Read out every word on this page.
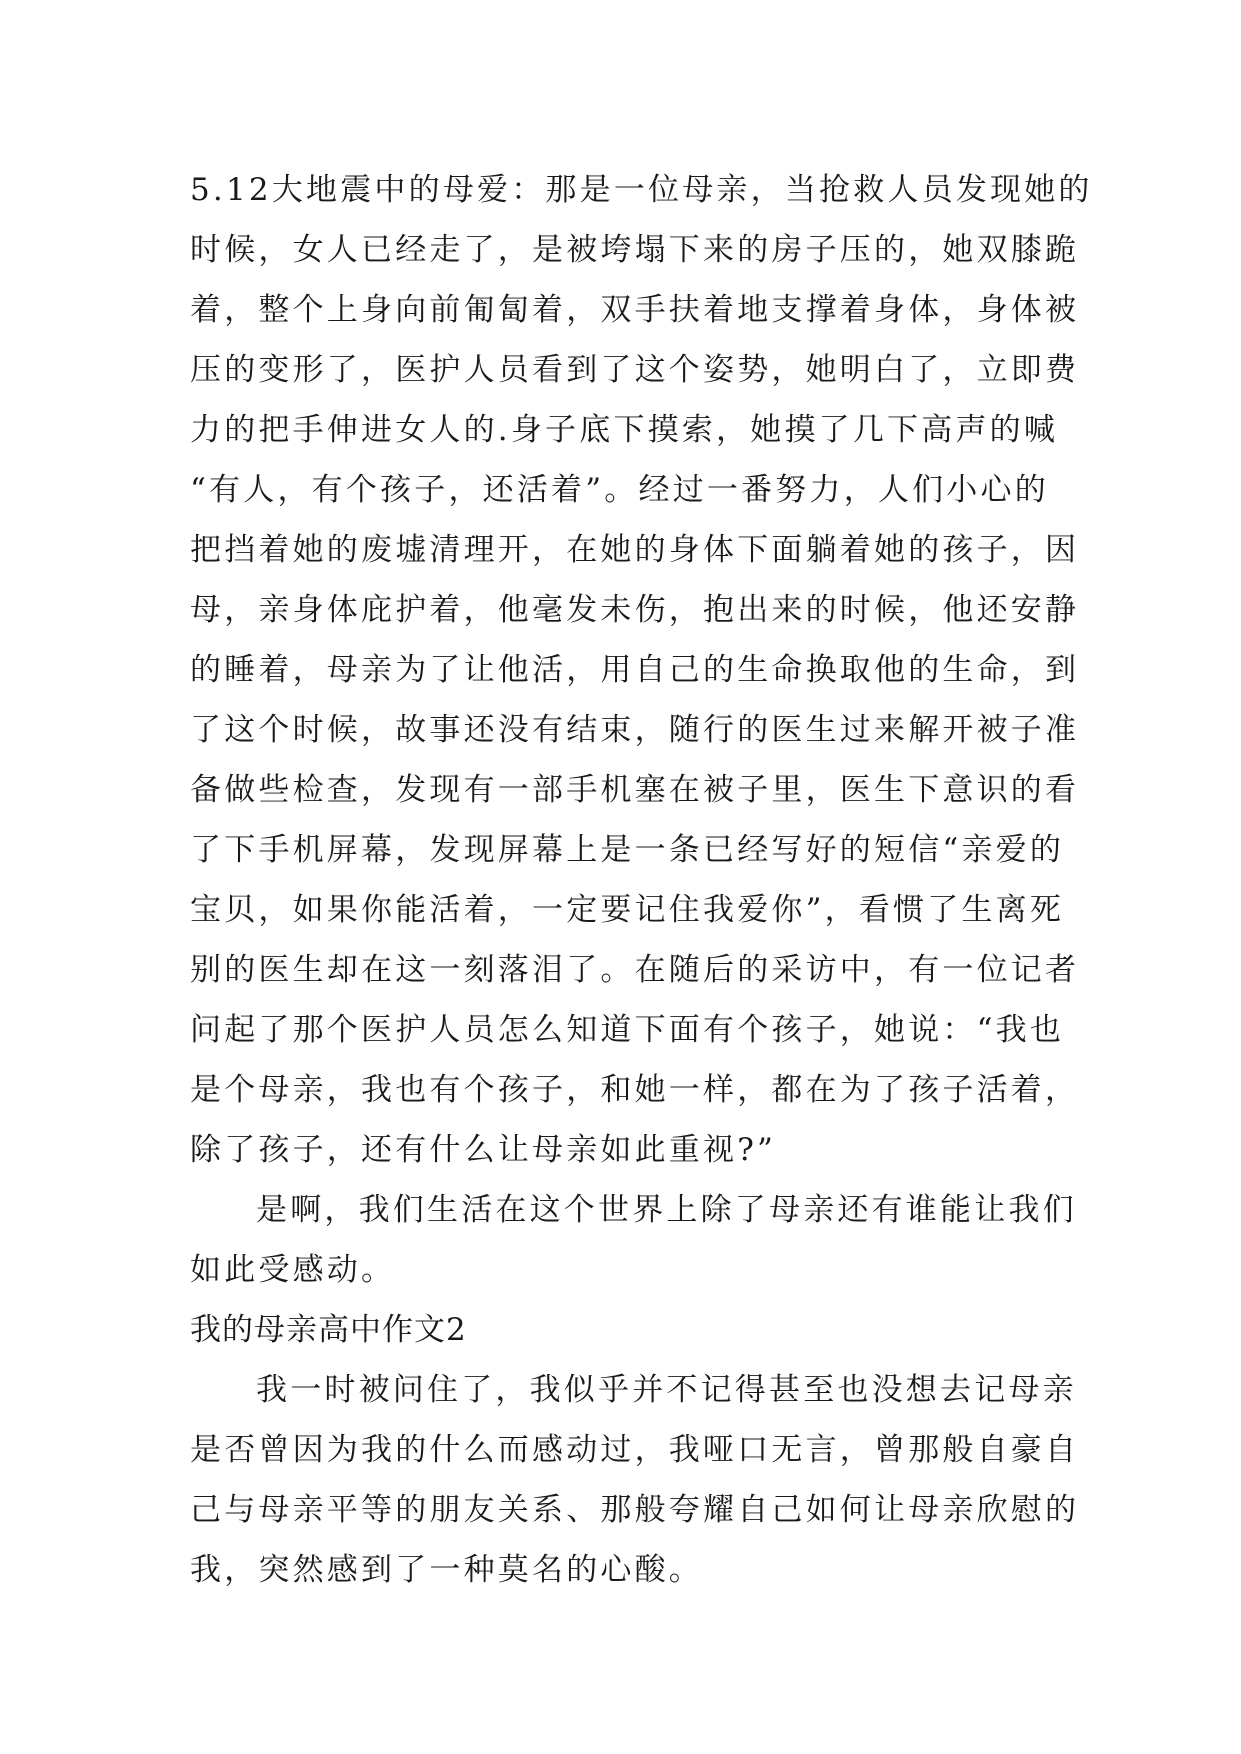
5.12大地震中的母爱：那是一位母亲，当抢救人员发现她的
时候，女人已经走了，是被垮塌下来的房子压的，她双膝跪
着，整个上身向前匍匐着，双手扶着地支撑着身体，身体被
压的变形了，医护人员看到了这个姿势，她明白了，立即费
力的把手伸进女人的.身子底下摸索，她摸了几下高声的喊
“有人，有个孩子，还活着”。经过一番努力，人们小心的
把挡着她的废墟清理开，在她的身体下面躺着她的孩子，因
母，亲身体庇护着，他毫发未伤，抱出来的时候，他还安静
的睡着，母亲为了让他活，用自己的生命换取他的生命，到
了这个时候，故事还没有结束，随行的医生过来解开被子准
备做些检查，发现有一部手机塞在被子里，医生下意识的看
了下手机屏幕，发现屏幕上是一条已经写好的短信“亲爱的
宝贝，如果你能活着，一定要记住我爱你”，看惯了生离死
别的医生却在这一刻落泪了。在随后的采访中，有一位记者
问起了那个医护人员怎么知道下面有个孩子，她说：“我也
是个母亲，我也有个孩子，和她一样，都在为了孩子活着，
除了孩子，还有什么让母亲如此重视?”
是啊，我们生活在这个世界上除了母亲还有谁能让我们
如此受感动。
我的母亲高中作文2
我一时被问住了，我似乎并不记得甚至也没想去记母亲
是否曾因为我的什么而感动过，我哑口无言，曾那般自豪自
己与母亲平等的朋友关系、那般夸耀自己如何让母亲欣慰的
我，突然感到了一种莫名的心酸。
